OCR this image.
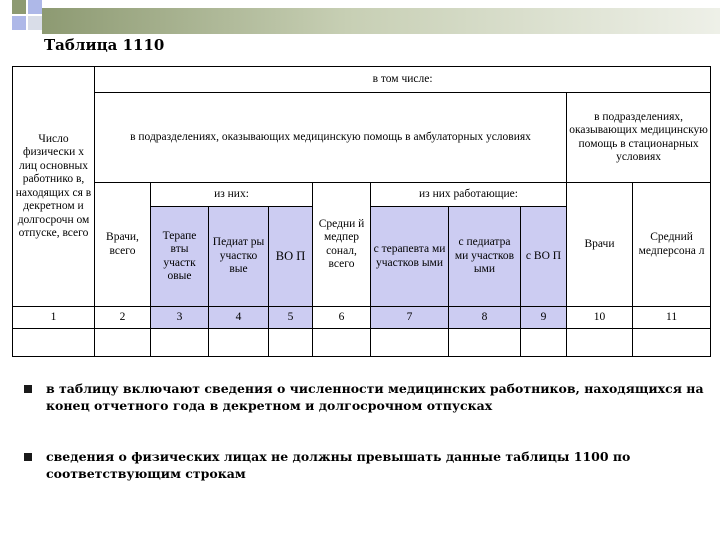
Таблица 1110
Число физически х лиц основных работнико в, находящих ся в декретном и долгосрочн ом отпуске, всего	в том числе:									
	в подразделениях, оказывающих медицинскую помощь в амбулаторных условиях								в подразделениях, оказывающих медицинскую помощь в стационарных условиях	
	Врачи, всего	из них:			Средни й медпер сонал, всего	из них работающие:			Врачи	Средний медперсона л
		Терапе вты участк овые	Педиат ры участко вые	ВО П		с терапевта ми участков ыми	с педиатра ми участков ыми	с ВО П		
1	2	3	4	5	6	7	8	9	10	11

в таблицу включают сведения о численности медицинских работников, находящихся на конец отчетного года в декретном и долгосрочном отпусках
сведения о физических лицах не должны превышать данные таблицы 1100 по соответствующим строкам
